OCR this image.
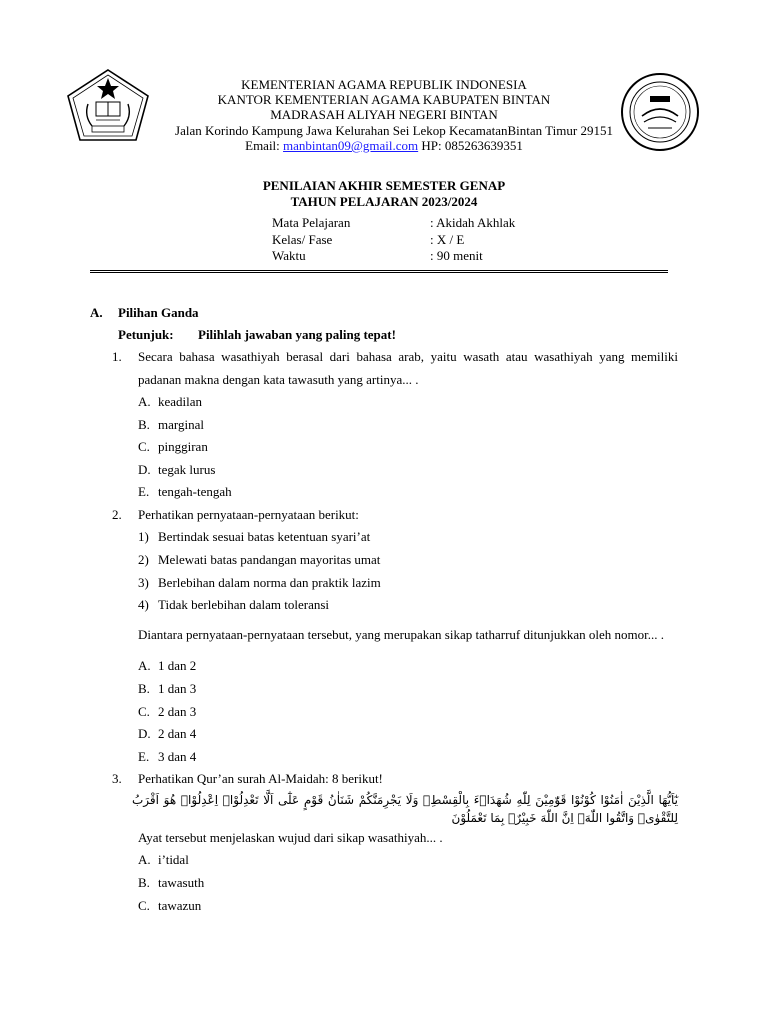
KEMENTERIAN AGAMA REPUBLIK INDONESIA
KANTOR KEMENTERIAN AGAMA KABUPATEN BINTAN
MADRASAH ALIYAH NEGERI BINTAN
Jalan Korindo Kampung Jawa Kelurahan Sei Lekop KecamatanBintan Timur 29151
Email: manbintan09@gmail.com HP: 085263639351
PENILAIAN AKHIR SEMESTER GENAP
TAHUN PELAJARAN 2023/2024
Mata Pelajaran	: Akidah Akhlak
Kelas/ Fase	: X / E
Waktu	: 90 menit
A. Pilihan Ganda
Petunjuk: Pilihlah jawaban yang paling tepat!
1.	Secara bahasa wasathiyah berasal dari bahasa arab, yaitu wasath atau wasathiyah yang memiliki padanan makna dengan kata tawasuth yang artinya... .
A. keadilan
B. marginal
C. pinggiran
D. tegak lurus
E. tengah-tengah
2.	Perhatikan pernyataan-pernyataan berikut:
1) Bertindak sesuai batas ketentuan syari’at
2) Melewati batas pandangan mayoritas umat
3) Berlebihan dalam norma dan praktik lazim
4) Tidak berlebihan dalam toleransi
Diantara pernyataan-pernyataan tersebut, yang merupakan sikap tatharruf ditunjukkan oleh nomor... .
A. 1 dan 2
B. 1 dan 3
C. 2 dan 3
D. 2 dan 4
E. 3 dan 4
3.	Perhatikan Qur’an surah Al-Maidah: 8 berikut!
يٰٓاَيُّهَا الَّذِيْنَ اٰمَنُوْا كُوْنُوْا قَوّٰمِيْنَ لِلّٰهِ شُهَدَاۤءَ بِالْقِسْطِۖ وَلَا يَجْرِمَنَّكُمْ شَنَاٰنُ قَوْمٍ عَلٰٓى اَلَّا تَعْدِلُوْاۗ اِعْدِلُوْاۗ هُوَ اَقْرَبُ لِلتَّقْوٰىۖ وَاتَّقُوا اللّٰهَۗ اِنَّ اللّٰهَ خَبِيْرٌۢ بِمَا تَعْمَلُوْنَ
Ayat tersebut menjelaskan wujud dari sikap wasathiyah... .
A. i’tidal
B. tawasuth
C. tawazun
